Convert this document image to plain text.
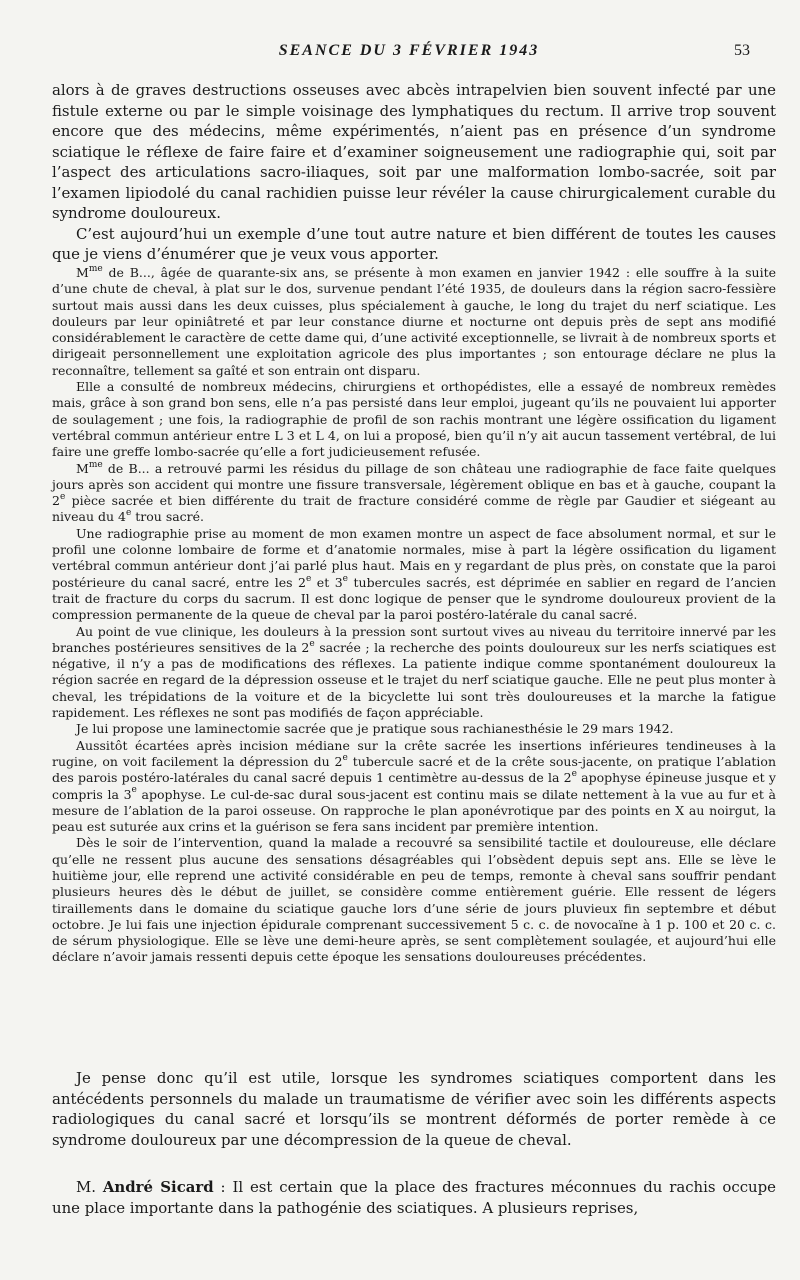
SEANCE DU 3 FÉVRIER 1943	53

alors à de graves destructions osseuses avec abcès intrapelvien bien souvent infecté par une fistule externe ou par le simple voisinage des lymphatiques du rectum. Il arrive trop souvent encore que des médecins, même expérimentés, n’aient pas en présence d’un syndrome sciatique le réflexe de faire faire et d’examiner soigneusement une radiographie qui, soit par l’aspect des articulations sacro-iliaques, soit par une malformation lombo-sacrée, soit par l’examen lipiodolé du canal rachidien puisse leur révéler la cause chirurgicalement curable du syndrome douloureux.

C’est aujourd’hui un exemple d’une tout autre nature et bien différent de toutes les causes que je viens d’énumérer que je veux vous apporter.

$M^{me}$ de B..., âgée de quarante-six ans, se présente à mon examen en janvier 1942 : elle souffre à la suite d’une chute de cheval, à plat sur le dos, survenue pendant l’été 1935, de douleurs dans la région sacro-fessière surtout mais aussi dans les deux cuisses, plus spécialement à gauche, le long du trajet du nerf sciatique. Les douleurs par leur opiniâtreté et par leur constance diurne et nocturne ont depuis près de sept ans modifié considérablement le caractère de cette dame qui, d’une activité exceptionnelle, se livrait à de nombreux sports et dirigeait personnellement une exploitation agricole des plus importantes ; son entourage déclare ne plus la reconnaître, tellement sa gaîté et son entrain ont disparu.

Elle a consulté de nombreux médecins, chirurgiens et orthopédistes, elle a essayé de nombreux remèdes mais, grâce à son grand bon sens, elle n’a pas persisté dans leur emploi, jugeant qu’ils ne pouvaient lui apporter de soulagement ; une fois, la radiographie de profil de son rachis montrant une légère ossification du ligament vertébral commun antérieur entre L 3 et L 4, on lui a proposé, bien qu’il n’y ait aucun tassement vertébral, de lui faire une greffe lombo-sacrée qu’elle a fort judicieusement refusée.

$M^{me}$ de B... a retrouvé parmi les résidus du pillage de son château une radiographie de face faite quelques jours après son accident qui montre une fissure transversale, légèrement oblique en bas et à gauche, coupant la 2e pièce sacrée et bien différente du trait de fracture considéré comme de règle par Gaudier et siégeant au niveau du 4e trou sacré.

Une radiographie prise au moment de mon examen montre un aspect de face absolument normal, et sur le profil une colonne lombaire de forme et d’anatomie normales, mise à part la légère ossification du ligament vertébral commun antérieur dont j’ai parlé plus haut. Mais en y regardant de plus près, on constate que la paroi postérieure du canal sacré, entre les 2e et 3e tubercules sacrés, est déprimée en sablier en regard de l’ancien trait de fracture du corps du sacrum. Il est donc logique de penser que le syndrome douloureux provient de la compression permanente de la queue de cheval par la paroi postéro-latérale du canal sacré.

Au point de vue clinique, les douleurs à la pression sont surtout vives au niveau du territoire innervé par les branches postérieures sensitives de la 2e sacrée ; la recherche des points douloureux sur les nerfs sciatiques est négative, il n’y a pas de modifications des réflexes. La patiente indique comme spontanément douloureux la région sacrée en regard de la dépression osseuse et le trajet du nerf sciatique gauche. Elle ne peut plus monter à cheval, les trépidations de la voiture et de la bicyclette lui sont très douloureuses et la marche la fatigue rapidement. Les réflexes ne sont pas modifiés de façon appréciable.

Je lui propose une laminectomie sacrée que je pratique sous rachianesthésie le 29 mars 1942.

Aussitôt écartées après incision médiane sur la crête sacrée les insertions inférieures tendineuses à la rugine, on voit facilement la dépression du 2e tubercule sacré et de la crête sous-jacente, on pratique l’ablation des parois postéro-latérales du canal sacré depuis 1 centimètre au-dessus de la 2e apophyse épineuse jusque et y compris la 3e apophyse. Le cul-de-sac dural sous-jacent est continu mais se dilate nettement à la vue au fur et à mesure de l’ablation de la paroi osseuse. On rapproche le plan aponévrotique par des points en X au noirgut, la peau est suturée aux crins et la guérison se fera sans incident par première intention.

Dès le soir de l’intervention, quand la malade a recouvré sa sensibilité tactile et douloureuse, elle déclare qu’elle ne ressent plus aucune des sensations désagréables qui l’obsèdent depuis sept ans. Elle se lève le huitième jour, elle reprend une activité considérable en peu de temps, remonte à cheval sans souffrir pendant plusieurs heures dès le début de juillet, se considère comme entièrement guérie. Elle ressent de légers tiraillements dans le domaine du sciatique gauche lors d’une série de jours pluvieux fin septembre et début octobre. Je lui fais une injection épidurale comprenant successivement 5 c. c. de novocaïne à 1 p. 100 et 20 c. c. de sérum physiologique. Elle se lève une demi-heure après, se sent complètement soulagée, et aujourd’hui elle déclare n’avoir jamais ressenti depuis cette époque les sensations douloureuses précédentes.

Je pense donc qu’il est utile, lorsque les syndromes sciatiques comportent dans les antécédents personnels du malade un traumatisme de vérifier avec soin les différents aspects radiologiques du canal sacré et lorsqu’ils se montrent déformés de porter remède à ce syndrome douloureux par une décompression de la queue de cheval.

M. André Sicard : Il est certain que la place des fractures méconnues du rachis occupe une place importante dans la pathogénie des sciatiques. A plusieurs reprises,
